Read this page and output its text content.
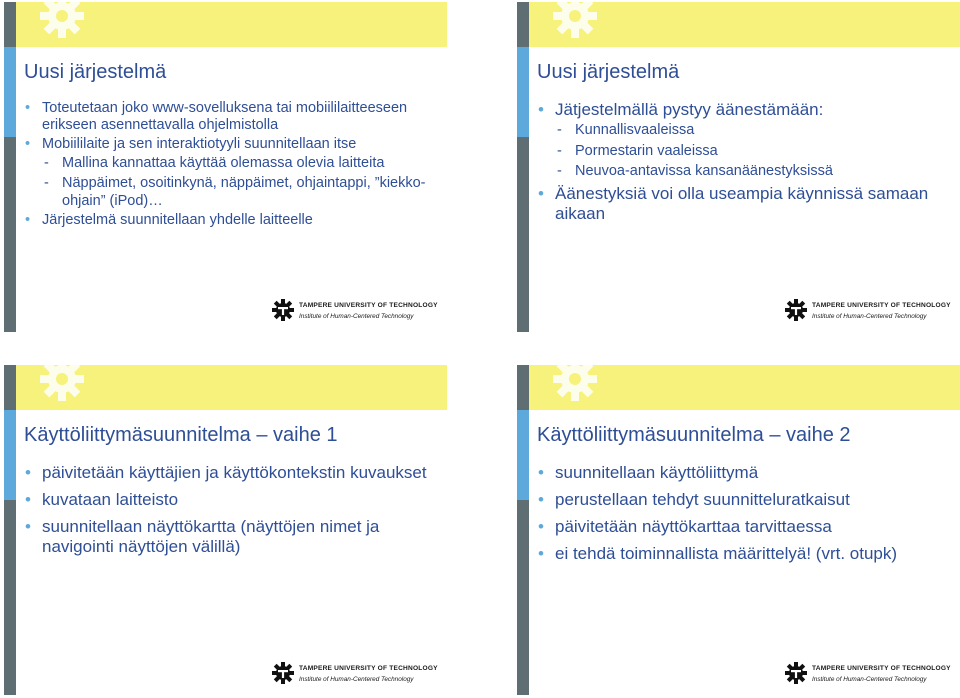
Uusi järjestelmä
• Toteutetaan joko www-sovelluksena tai mobiililaitteeseen erikseen asennettavalla ohjelmistolla
• Mobiililaite ja sen interaktiotyyli suunnitellaan itse
- Mallina kannattaa käyttää olemassa olevia laitteita
- Näppäimet, osoitinkynä, näppäimet, ohjaintappi, ”kiekko-ohjain” (iPod)…
• Järjestelmä suunnitellaan yhdelle laitteelle
TAMPERE UNIVERSITY OF TECHNOLOGY
Institute of Human-Centered Technology
Uusi järjestelmä
• Jätjestelmällä pystyy äänestämään:
- Kunnallisvaaleissa
- Pormestarin vaaleissa
- Neuvoa-antavissa kansanäänestyksissä
• Äänestyksiä voi olla useampia käynnissä samaan aikaan
TAMPERE UNIVERSITY OF TECHNOLOGY
Institute of Human-Centered Technology
Käyttöliittymäsuunnitelma – vaihe 1
• päivitetään käyttäjien ja käyttökontekstin kuvaukset
• kuvataan laitteisto
• suunnitellaan näyttökartta (näyttöjen nimet ja navigointi näyttöjen välillä)
TAMPERE UNIVERSITY OF TECHNOLOGY
Institute of Human-Centered Technology
Käyttöliittymäsuunnitelma – vaihe 2
• suunnitellaan käyttöliittymä
• perustellaan tehdyt suunnitteluratkaisut
• päivitetään näyttökarttaa tarvittaessa
• ei tehdä toiminnallista määrittelyä! (vrt. otupk)
TAMPERE UNIVERSITY OF TECHNOLOGY
Institute of Human-Centered Technology
